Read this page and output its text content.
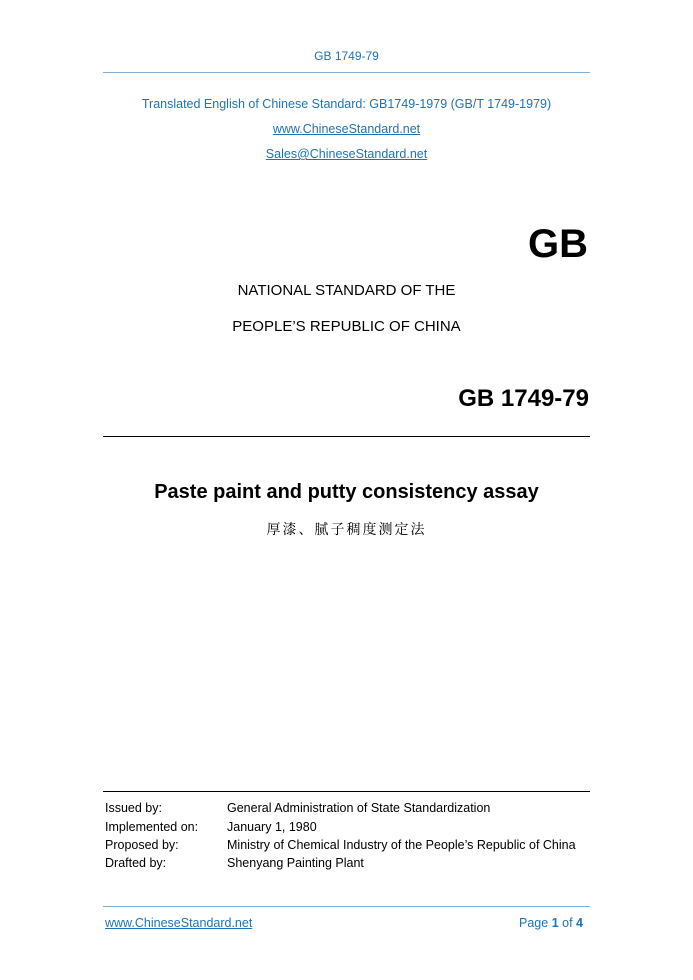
GB 1749-79
Translated English of Chinese Standard: GB1749-1979 (GB/T 1749-1979)
www.ChineseStandard.net
Sales@ChineseStandard.net
GB
NATIONAL STANDARD OF THE
PEOPLE’S REPUBLIC OF CHINA
GB 1749-79
Paste paint and putty consistency assay
厚漆、腻子稠度测定法
Issued by:	General Administration of State Standardization
Implemented on: January 1, 1980
Proposed by:	Ministry of Chemical Industry of the People’s Republic of China
Drafted by:	Shenyang Painting Plant
www.ChineseStandard.net	Page 1 of 4
